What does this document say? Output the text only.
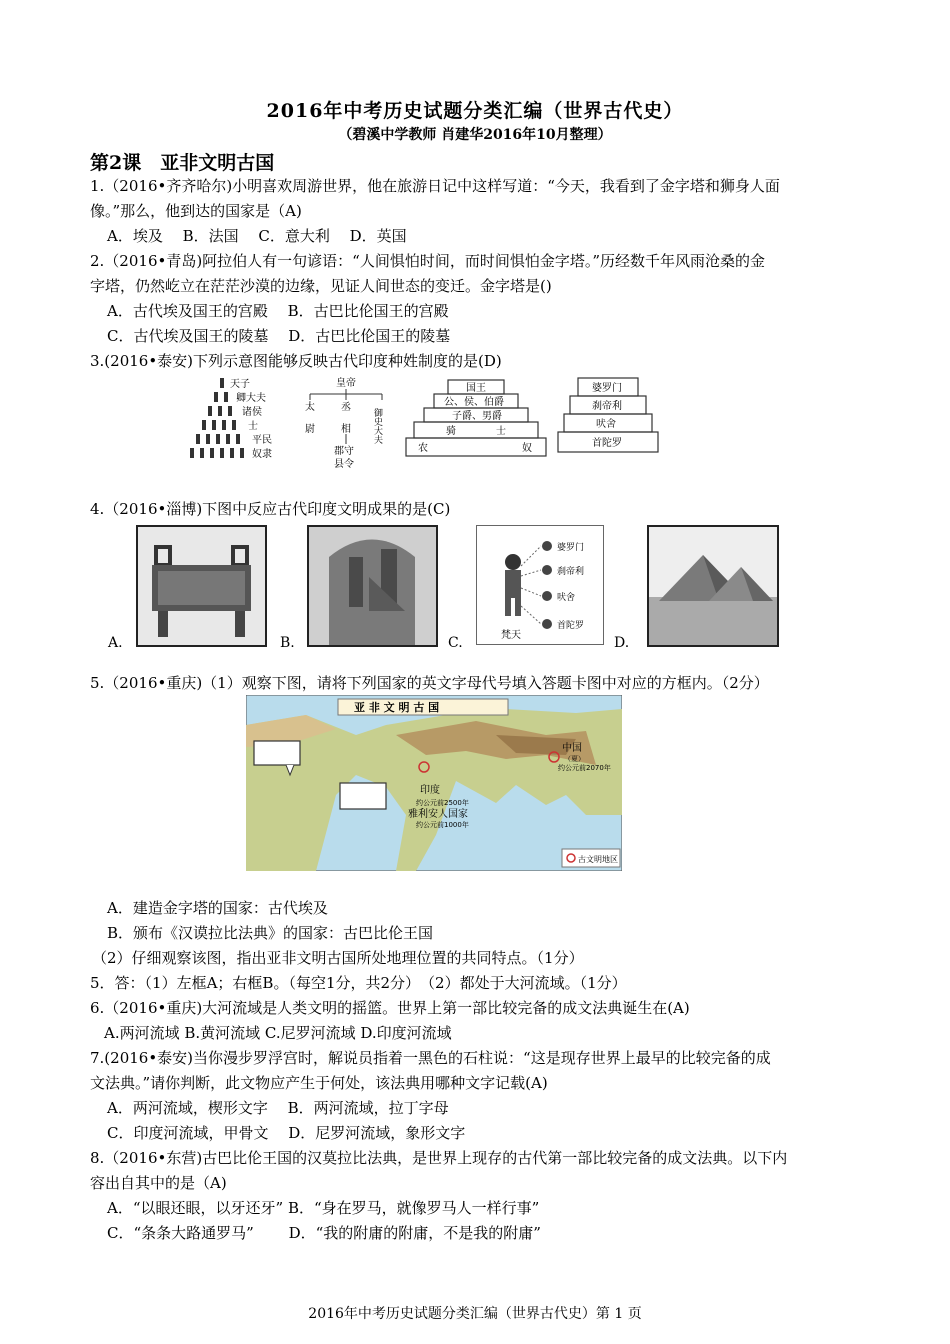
2016年中考历史试题分类汇编（世界古代史）
（碧溪中学教师 肖建华2016年10月整理）
第2课　亚非文明古国
1.（2016•齐齐哈尔)小明喜欢周游世界，他在旅游日记中这样写道：“今天，我看到了金字塔和狮身人面
像。”那么，他到达的国家是（A)
A．埃及　 B．法国　 C．意大利　 D．英国
2.（2016•青岛)阿拉伯人有一句谚语：“人间惧怕时间，而时间惧怕金字塔。”历经数千年风雨沧桑的金
字塔，仍然屹立在茫茫沙漠的边缘，见证人间世态的变迁。金字塔是()
A．古代埃及国王的宫殿　 B．古巴比伦国王的宫殿
C．古代埃及国王的陵墓　 D．古巴比伦国王的陵墓
3.(2016•泰安)下列示意图能够反映古代印度种姓制度的是(D)
天子
卿大夫
诸侯
士
平民
奴隶
皇帝
太	丞
尉	相 御史大夫
郡守
县令
国王
公、侯、伯爵
子爵、男爵
骑	士
农	奴
婆罗门
刹帝利
吠舍
首陀罗
4.（2016•淄博)下图中反应古代印度文明成果的是(C)
A.	B.
婆罗门
刹帝利
吠舍
首陀罗
梵天
C.	D.
5.（2016•重庆)（1）观察下图，请将下列国家的英文字母代号填入答题卡图中对应的方框内。（2分）
亚 非 文 明 古 国
印度
约公元前2500年
雅利安人国家
约公元前1000年
中国
（夏）
约公元前2070年
古文明地区
A．建造金字塔的国家：古代埃及
B．颁布《汉谟拉比法典》的国家：古巴比伦王国
（2）仔细观察该图，指出亚非文明古国所处地理位置的共同特点。（1分）
5．答：（1）左框A；右框B。（每空1分，共2分）　（2）都处于大河流域。（1分）
6.（2016•重庆)大河流域是人类文明的摇篮。世界上第一部比较完备的成文法典诞生在(A)
A.两河流域 B.黄河流域 C.尼罗河流域 D.印度河流域
7.(2016•泰安)当你漫步罗浮宫时，解说员指着一黑色的石柱说：“这是现存世界上最早的比较完备的成
文法典。”请你判断，此文物应产生于何处，该法典用哪种文字记载(A)
A．两河流域，楔形文字　 B．两河流域，拉丁字母
C．印度河流域，甲骨文　 D．尼罗河流域，象形文字
8.（2016•东营)古巴比伦王国的汉莫拉比法典，是世界上现存的古代第一部比较完备的成文法典。以下内
容出自其中的是（A)
A．“以眼还眼，以牙还牙” B．“身在罗马，就像罗马人一样行事”
C．“条条大路通罗马”　　 D．“我的附庸的附庸，不是我的附庸”
2016年中考历史试题分类汇编（世界古代史）第 1 页
